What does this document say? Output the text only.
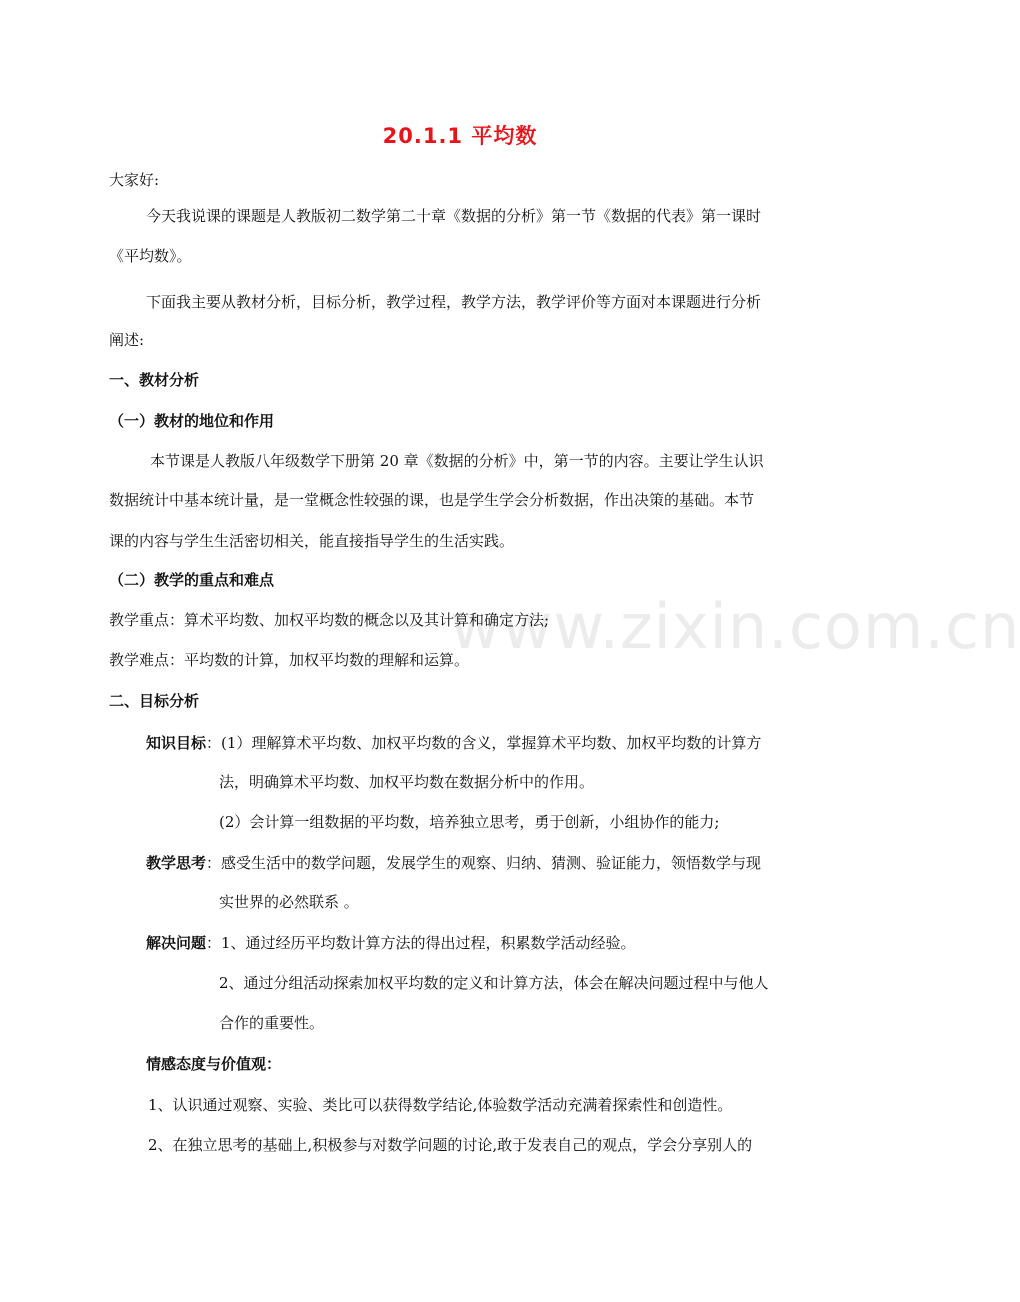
www.zixin.com.cn
20.1.1 平均数
大家好:
今天我说课的课题是人教版初二数学第二十章《数据的分析》第一节《数据的代表》第一课时
《平均数》。
下面我主要从教材分析，目标分析，教学过程，教学方法，教学评价等方面对本课题进行分析
阐述:
一、教材分析
（一）教材的地位和作用
本节课是人教版八年级数学下册第 20 章《数据的分析》中，第一节的内容。主要让学生认识
数据统计中基本统计量，是一堂概念性较强的课，也是学生学会分析数据，作出决策的基础。本节
课的内容与学生生活密切相关，能直接指导学生的生活实践。
（二）教学的重点和难点
教学重点：算术平均数、加权平均数的概念以及其计算和确定方法;
教学难点：平均数的计算，加权平均数的理解和运算。
二、目标分析
知识目标：(1）理解算术平均数、加权平均数的含义，掌握算术平均数、加权平均数的计算方
法，明确算术平均数、加权平均数在数据分析中的作用。
(2）会计算一组数据的平均数，培养独立思考，勇于创新，小组协作的能力;
教学思考：感受生活中的数学问题，发展学生的观察、归纳、猜测、验证能力，领悟数学与现
实世界的必然联系 。
解决问题：1、通过经历平均数计算方法的得出过程，积累数学活动经验。
2、通过分组活动探索加权平均数的定义和计算方法，体会在解决问题过程中与他人
合作的重要性。
情感态度与价值观：
1、认识通过观察、实验、类比可以获得数学结论,体验数学活动充满着探索性和创造性。
2、在独立思考的基础上,积极参与对数学问题的讨论,敢于发表自己的观点，学会分享别人的
